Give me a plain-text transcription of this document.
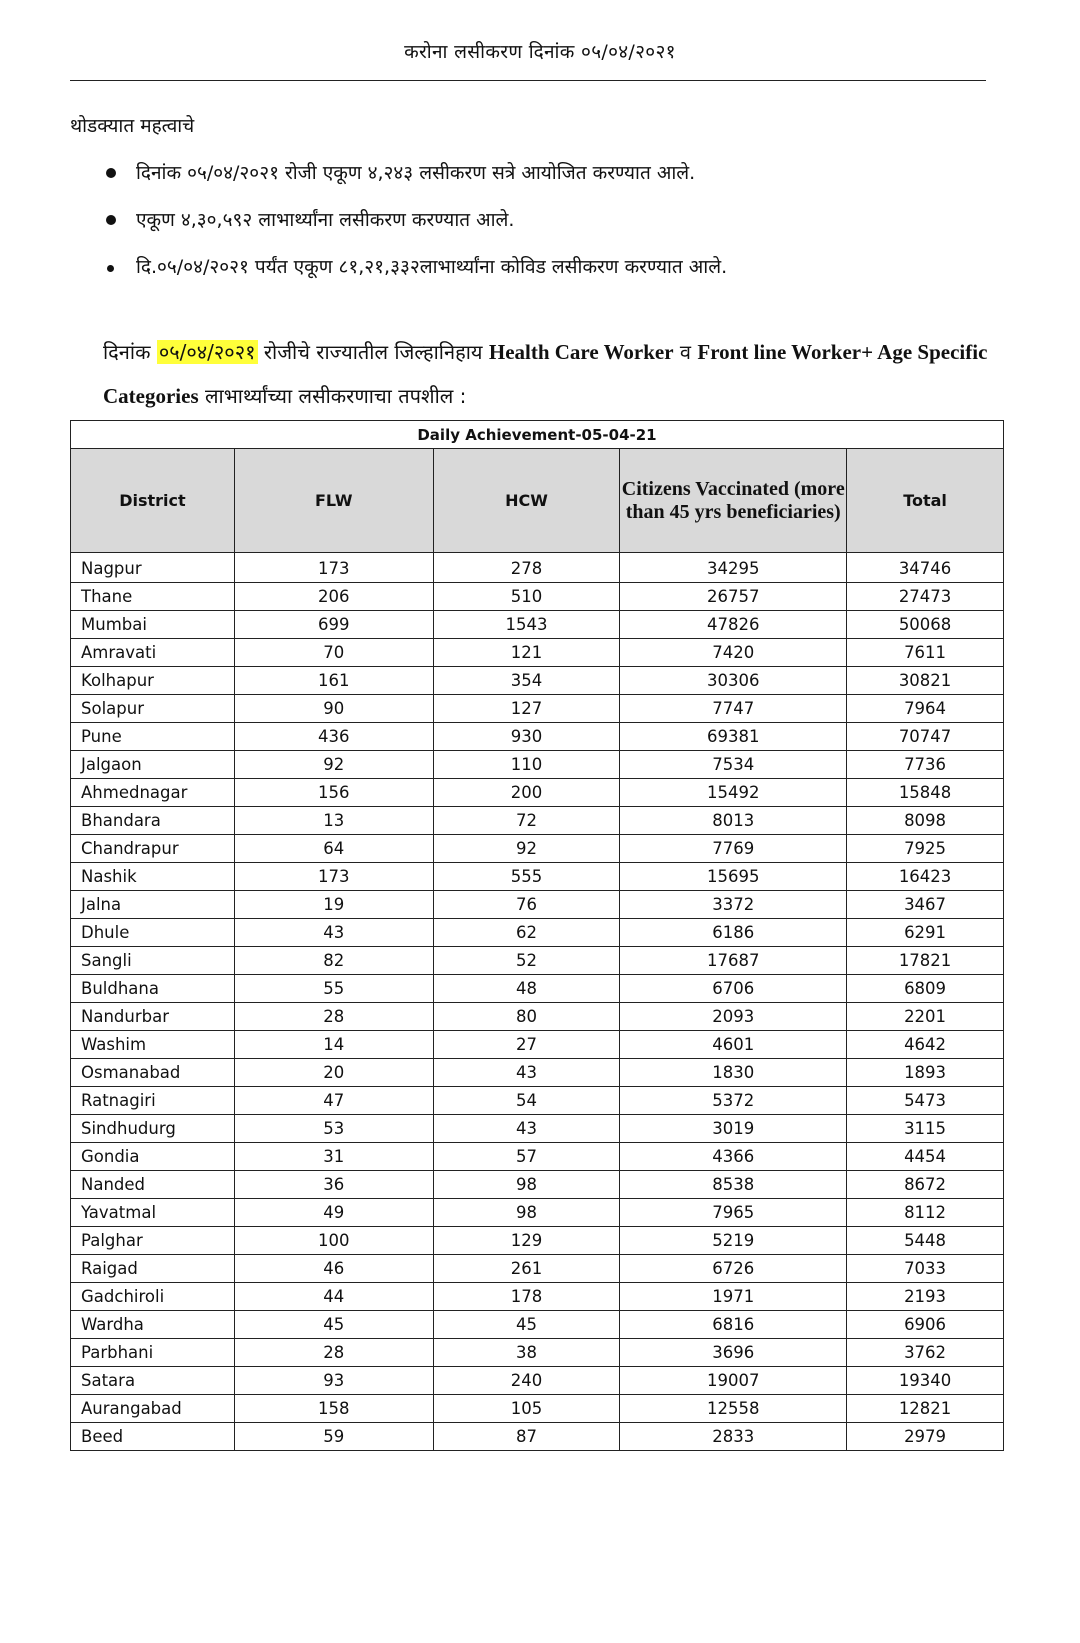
करोना लसीकरण दिनांक ०५/०४/२०२१
थोडक्यात महत्वाचे
दिनांक ०५/०४/२०२१ रोजी एकूण ४,२४३ लसीकरण सत्रे आयोजित करण्यात आले.
एकूण ४,३०,५९२ लाभार्थ्यांना लसीकरण करण्यात आले.
दि.०५/०४/२०२१ पर्यंत एकूण ८१,२१,३३२लाभार्थ्यांना कोविड लसीकरण करण्यात आले.
दिनांक ०५/०४/२०२१ रोजीचे राज्यातील जिल्हानिहाय Health Care Worker व Front line Worker+ Age Specific Categories लाभार्थ्यांच्या लसीकरणाचा तपशील :
Daily Achievement-05-04-21				
District	FLW	HCW	Citizens Vaccinated (more than 45 yrs beneficiaries)	Total
Nagpur	173	278	34295	34746
Thane	206	510	26757	27473
Mumbai	699	1543	47826	50068
Amravati	70	121	7420	7611
Kolhapur	161	354	30306	30821
Solapur	90	127	7747	7964
Pune	436	930	69381	70747
Jalgaon	92	110	7534	7736
Ahmednagar	156	200	15492	15848
Bhandara	13	72	8013	8098
Chandrapur	64	92	7769	7925
Nashik	173	555	15695	16423
Jalna	19	76	3372	3467
Dhule	43	62	6186	6291
Sangli	82	52	17687	17821
Buldhana	55	48	6706	6809
Nandurbar	28	80	2093	2201
Washim	14	27	4601	4642
Osmanabad	20	43	1830	1893
Ratnagiri	47	54	5372	5473
Sindhudurg	53	43	3019	3115
Gondia	31	57	4366	4454
Nanded	36	98	8538	8672
Yavatmal	49	98	7965	8112
Palghar	100	129	5219	5448
Raigad	46	261	6726	7033
Gadchiroli	44	178	1971	2193
Wardha	45	45	6816	6906
Parbhani	28	38	3696	3762
Satara	93	240	19007	19340
Aurangabad	158	105	12558	12821
Beed	59	87	2833	2979
